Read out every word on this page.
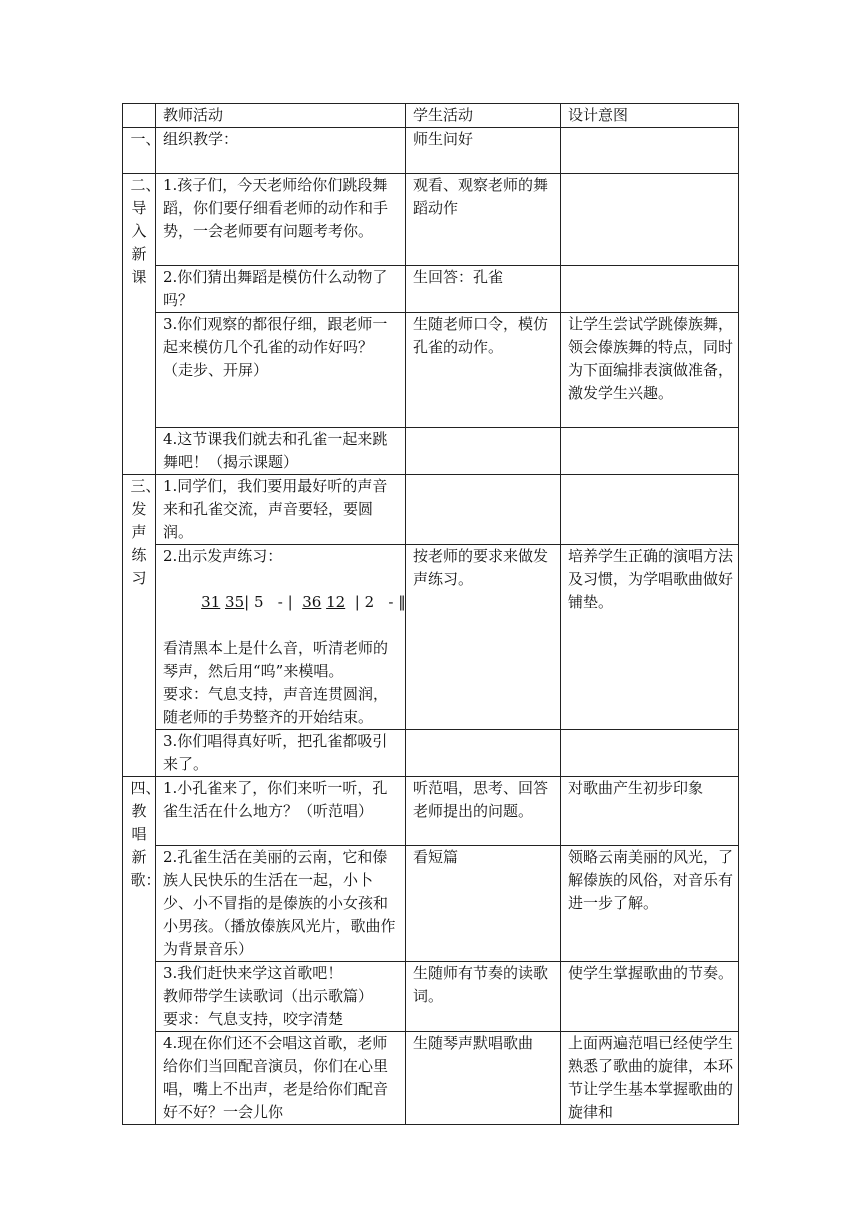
	教师活动	学生活动	设计意图
一、	组织教学：	师生问好	

二、导入新课	1.孩子们，今天老师给你们跳段舞蹈，你们要仔细看老师的动作和手势，一会老师要有问题考考你。	观看、观察老师的舞蹈动作	

	2.你们猜出舞蹈是模仿什么动物了吗？	生回答：孔雀	

	3.你们观察的都很仔细，跟老师一起来模仿几个孔雀的动作好吗？（走步、开屏）	生随老师口令，模仿孔雀的动作。	让学生尝试学跳傣族舞，领会傣族舞的特点，同时为下面编排表演做准备，激发学生兴趣。

	4.这节课我们就去和孔雀一起来跳舞吧！（揭示课题）		

三、发声练习	1.同学们，我们要用最好听的声音来和孔雀交流，声音要轻，要圆润。		

	2.出示发声练习：

31 35| 5   - | 36 12 | 2   - ‖

看清黑本上是什么音，听清老师的琴声，然后用“呜”来模唱。
要求：气息支持，声音连贯圆润，随老师的手势整齐的开始结束。	按老师的要求来做发声练习。	培养学生正确的演唱方法及习惯，为学唱歌曲做好铺垫。

	3.你们唱得真好听，把孔雀都吸引来了。		

四、教唱新歌：	1.小孔雀来了，你们来听一听，孔雀生活在什么地方？（听范唱）	听范唱，思考、回答老师提出的问题。	对歌曲产生初步印象

	2.孔雀生活在美丽的云南，它和傣族人民快乐的生活在一起，小卜少、小不冒指的是傣族的小女孩和小男孩。（播放傣族风光片，歌曲作为背景音乐）	看短篇	领略云南美丽的风光，了解傣族的风俗，对音乐有进一步了解。

	3.我们赶快来学这首歌吧！
教师带学生读歌词（出示歌篇）
要求：气息支持，咬字清楚	生随师有节奏的读歌词。	使学生掌握歌曲的节奏。

	4.现在你们还不会唱这首歌，老师给你们当回配音演员，你们在心里唱，嘴上不出声，老是给你们配音好不好？一会儿你	生随琴声默唱歌曲	上面两遍范唱已经使学生熟悉了歌曲的旋律，本环节让学生基本掌握歌曲的旋律和
